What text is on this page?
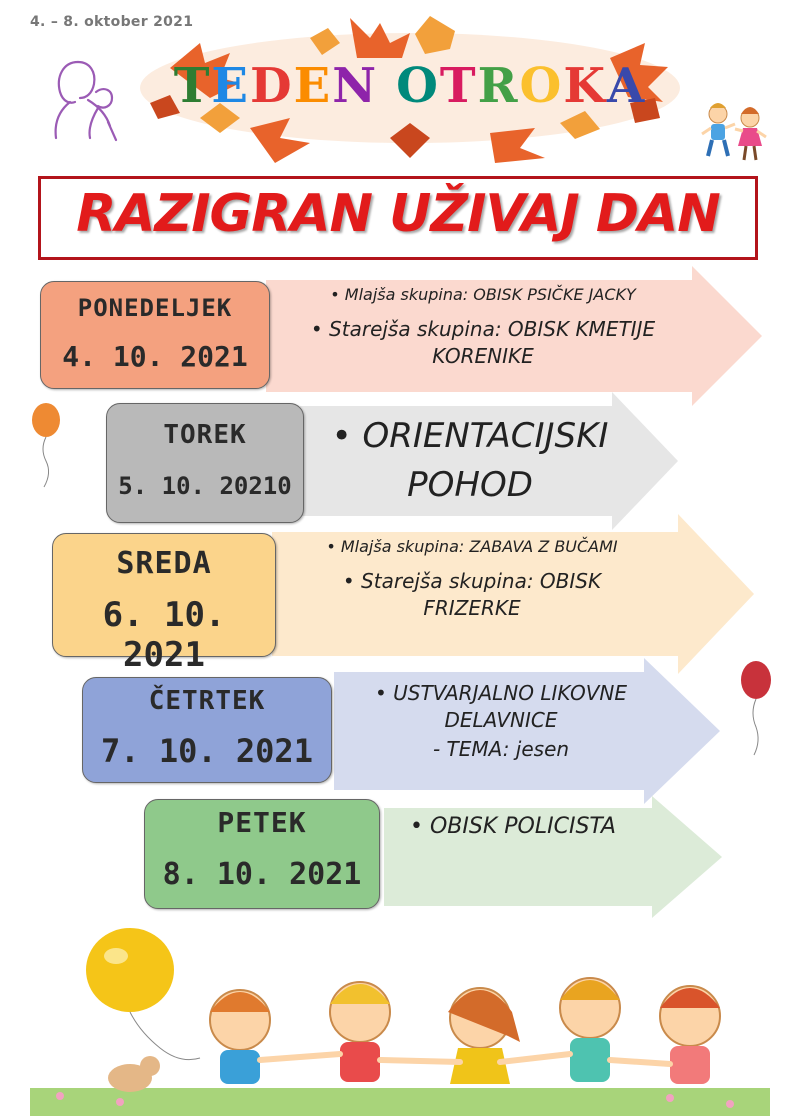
4. – 8. oktober 2021
TEDEN OTROKA
RAZIGRAN UŽIVAJ DAN
PONEDELJEK
4. 10. 2021
• Mlajša skupina: OBISK PSIČKE JACKY
• Starejša skupina: OBISK KMETIJE KORENIKE
TOREK
5. 10. 20210
• ORIENTACIJSKI POHOD
SREDA
6. 10. 2021
• Mlajša skupina: ZABAVA Z BUČAMI
• Starejša skupina: OBISK FRIZERKE
ČETRTEK
7. 10. 2021
• USTVARJALNO LIKOVNE DELAVNICE
- TEMA: jesen
PETEK
8. 10. 2021
• OBISK POLICISTA
